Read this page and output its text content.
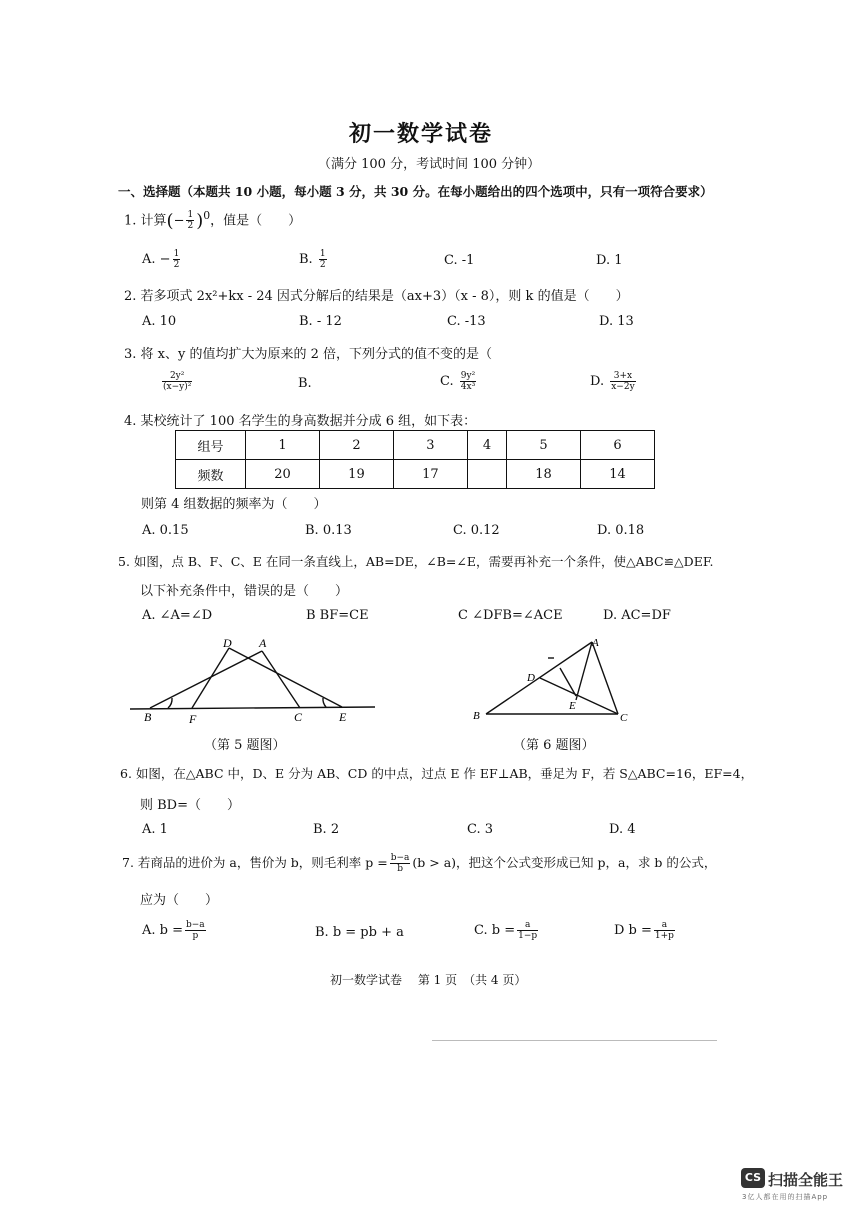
初一数学试卷
（满分 100 分，考试时间 100 分钟）
一、选择题（本题共 10 小题，每小题 3 分，共 30 分。在每小题给出的四个选项中，只有一项符合要求）
1. 计算(− $\frac{1}{2} )^0$，值是（　　）
A. − $\frac{1}{2}$	B. $\frac{1}{2}$	C. -1	D. 1
2. 若多项式 2x²+kx - 24 因式分解后的结果是（ax+3）（x - 8），则 k 的值是（　　）
A. 10	B. - 12	C. -13	D. 13
3. 将 x、y 的值均扩大为原来的 2 倍，下列分式的值不变的是（
$\frac{\text{2y²}}{\text{(x−y)²}}$	B.	C. $\frac{\text{9y²}}{\text{4x³}}$	D. $\frac{3+x}{x-2y}$
4. 某校统计了 100 名学生的身高数据并分成 6 组，如下表：
组号	1	2	3	4	5	6
频数	20	19	17		18	14
则第 4 组数据的频率为（　　）
A. 0.15	B. 0.13	C. 0.12	D. 0.18
5. 如图，点 B、F、C、E 在同一条直线上，AB=DE，∠B=∠E，需要再补充一个条件，使△ABC≌△DEF.
以下补充条件中，错误的是（　　）
A. ∠A=∠D	B BF=CE	C ∠DFB=∠ACE	D. AC=DF
D A
B	F	C	E
（第 5 题图）
A
D
E
B	C
（第 6 题图）
6. 如图，在△ABC 中，D、E 分为 AB、CD 的中点，过点 E 作 EF⊥AB，垂足为 F，若 S△ABC=16，EF=4，
则 BD=（　　）
A. 1	B. 2	C. 3	D. 4
7. 若商品的进价为 a，售价为 b，则毛利率 $p = \frac{b-a}{b} (b > a)$，把这个公式变形成已知 p，a，求 b 的公式，
应为（　　）
A. $b = \frac{b-a}{p}$	B. b = pb + a	C. $b = \frac{a}{1-p}$	D $b = \frac{a}{1+p}$
初一数学试卷　 第 1 页　（共 4 页）
CS 扫描全能王
3亿人都在用的扫描App
